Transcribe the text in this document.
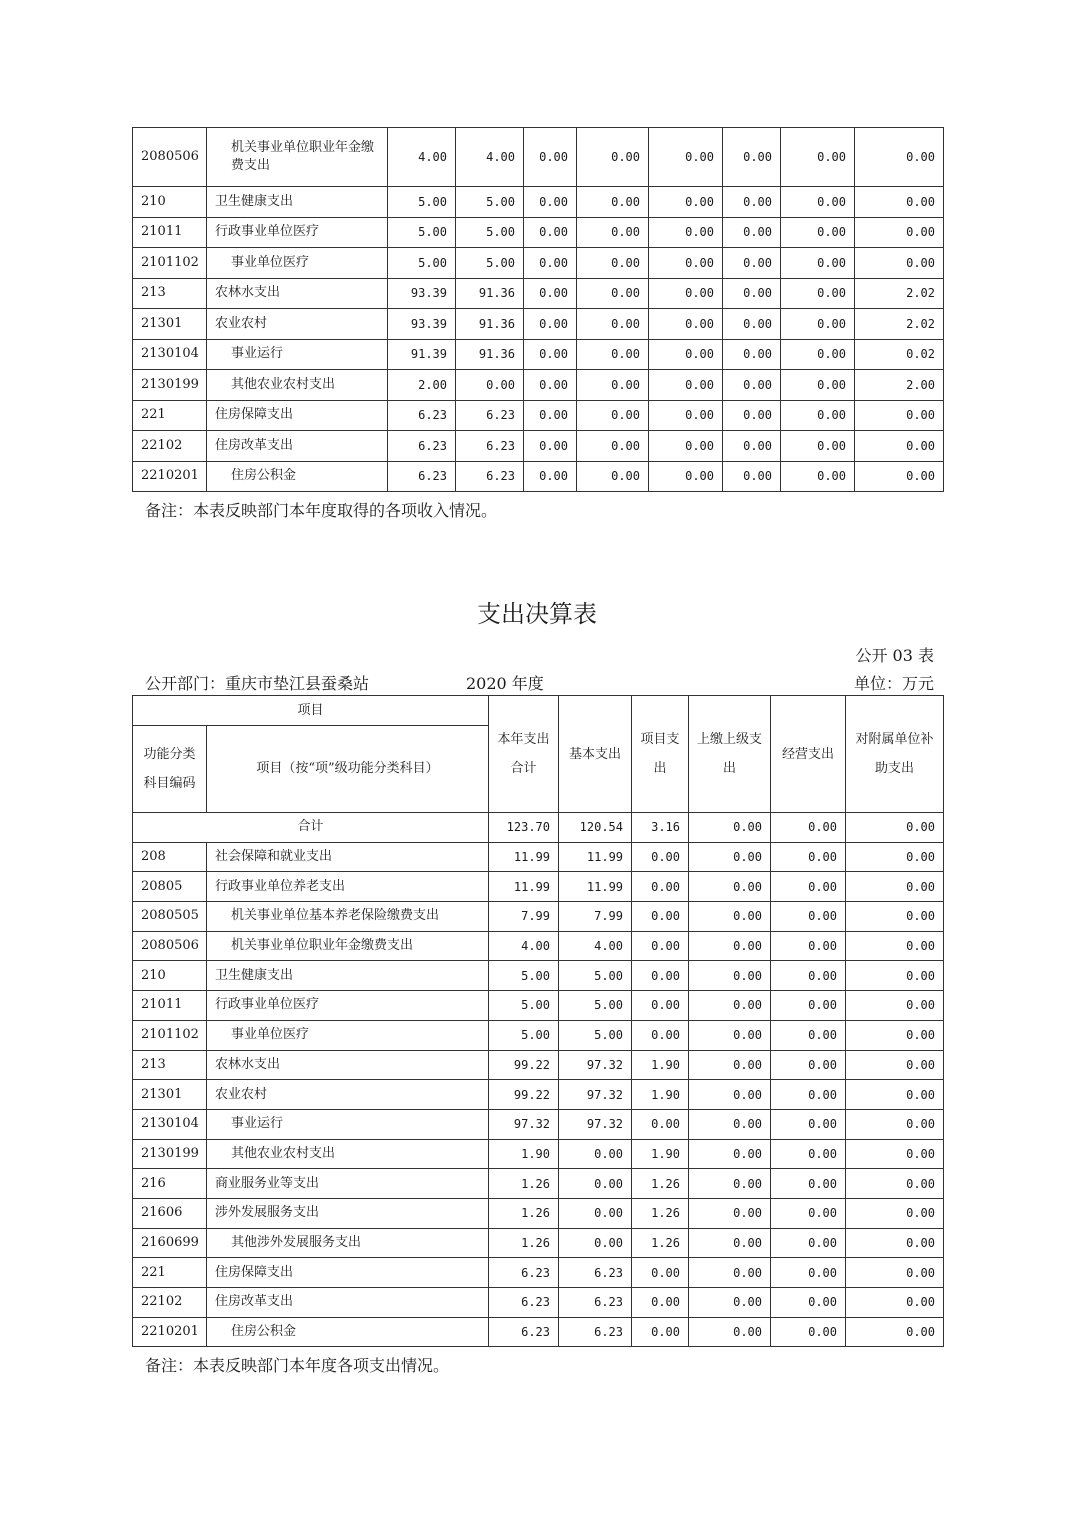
2080506	机关事业单位职业年金缴费支出	4.00	4.00	0.00	0.00	0.00	0.00	0.00	0.00
210	卫生健康支出	5.00	5.00	0.00	0.00	0.00	0.00	0.00	0.00
21011	行政事业单位医疗	5.00	5.00	0.00	0.00	0.00	0.00	0.00	0.00
2101102	事业单位医疗	5.00	5.00	0.00	0.00	0.00	0.00	0.00	0.00
213	农林水支出	93.39	91.36	0.00	0.00	0.00	0.00	0.00	2.02
21301	农业农村	93.39	91.36	0.00	0.00	0.00	0.00	0.00	2.02
2130104	事业运行	91.39	91.36	0.00	0.00	0.00	0.00	0.00	0.02
2130199	其他农业农村支出	2.00	0.00	0.00	0.00	0.00	0.00	0.00	2.00
221	住房保障支出	6.23	6.23	0.00	0.00	0.00	0.00	0.00	0.00
22102	住房改革支出	6.23	6.23	0.00	0.00	0.00	0.00	0.00	0.00
2210201	住房公积金	6.23	6.23	0.00	0.00	0.00	0.00	0.00	0.00
备注：本表反映部门本年度取得的各项收入情况。
支出决算表
公开 03 表
公开部门：重庆市垫江县蚕桑站	2020 年度	单位：万元
项目		本年支出合计	基本支出	项目支出	上缴上级支出	经营支出	对附属单位补助支出
功能分类科目编码	项目（按“项”级功能分类科目）						
合计		123.70	120.54	3.16	0.00	0.00	0.00
208	社会保障和就业支出	11.99	11.99	0.00	0.00	0.00	0.00
20805	行政事业单位养老支出	11.99	11.99	0.00	0.00	0.00	0.00
2080505	机关事业单位基本养老保险缴费支出	7.99	7.99	0.00	0.00	0.00	0.00
2080506	机关事业单位职业年金缴费支出	4.00	4.00	0.00	0.00	0.00	0.00
210	卫生健康支出	5.00	5.00	0.00	0.00	0.00	0.00
21011	行政事业单位医疗	5.00	5.00	0.00	0.00	0.00	0.00
2101102	事业单位医疗	5.00	5.00	0.00	0.00	0.00	0.00
213	农林水支出	99.22	97.32	1.90	0.00	0.00	0.00
21301	农业农村	99.22	97.32	1.90	0.00	0.00	0.00
2130104	事业运行	97.32	97.32	0.00	0.00	0.00	0.00
2130199	其他农业农村支出	1.90	0.00	1.90	0.00	0.00	0.00
216	商业服务业等支出	1.26	0.00	1.26	0.00	0.00	0.00
21606	涉外发展服务支出	1.26	0.00	1.26	0.00	0.00	0.00
2160699	其他涉外发展服务支出	1.26	0.00	1.26	0.00	0.00	0.00
221	住房保障支出	6.23	6.23	0.00	0.00	0.00	0.00
22102	住房改革支出	6.23	6.23	0.00	0.00	0.00	0.00
2210201	住房公积金	6.23	6.23	0.00	0.00	0.00	0.00
备注：本表反映部门本年度各项支出情况。
